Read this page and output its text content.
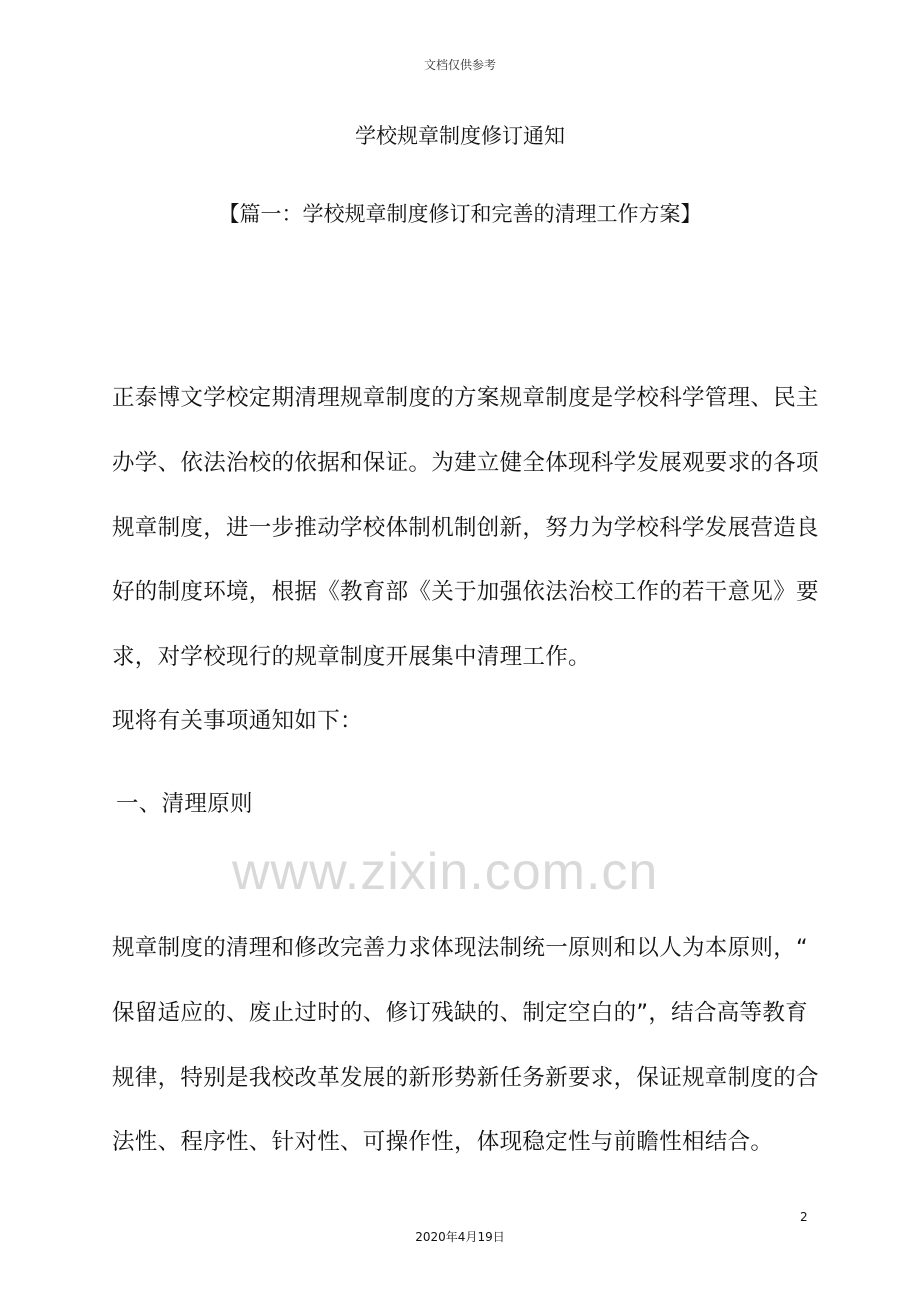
文档仅供参考
学校规章制度修订通知
【篇一：学校规章制度修订和完善的清理工作方案】
正泰博文学校定期清理规章制度的方案规章制度是学校科学管理、民主
办学、依法治校的依据和保证。为建立健全体现科学发展观要求的各项
规章制度，进一步推动学校体制机制创新，努力为学校科学发展营造良
好的制度环境，根据《教育部《关于加强依法治校工作的若干意见》要
求，对学校现行的规章制度开展集中清理工作。
现将有关事项通知如下：
一、清理原则
www.zixin.com.cn
规章制度的清理和修改完善力求体现法制统一原则和以人为本原则，“
保留适应的、废止过时的、修订残缺的、制定空白的”，结合高等教育
规律，特别是我校改革发展的新形势新任务新要求，保证规章制度的合
法性、程序性、针对性、可操作性，体现稳定性与前瞻性相结合。
2
2020年4月19日
